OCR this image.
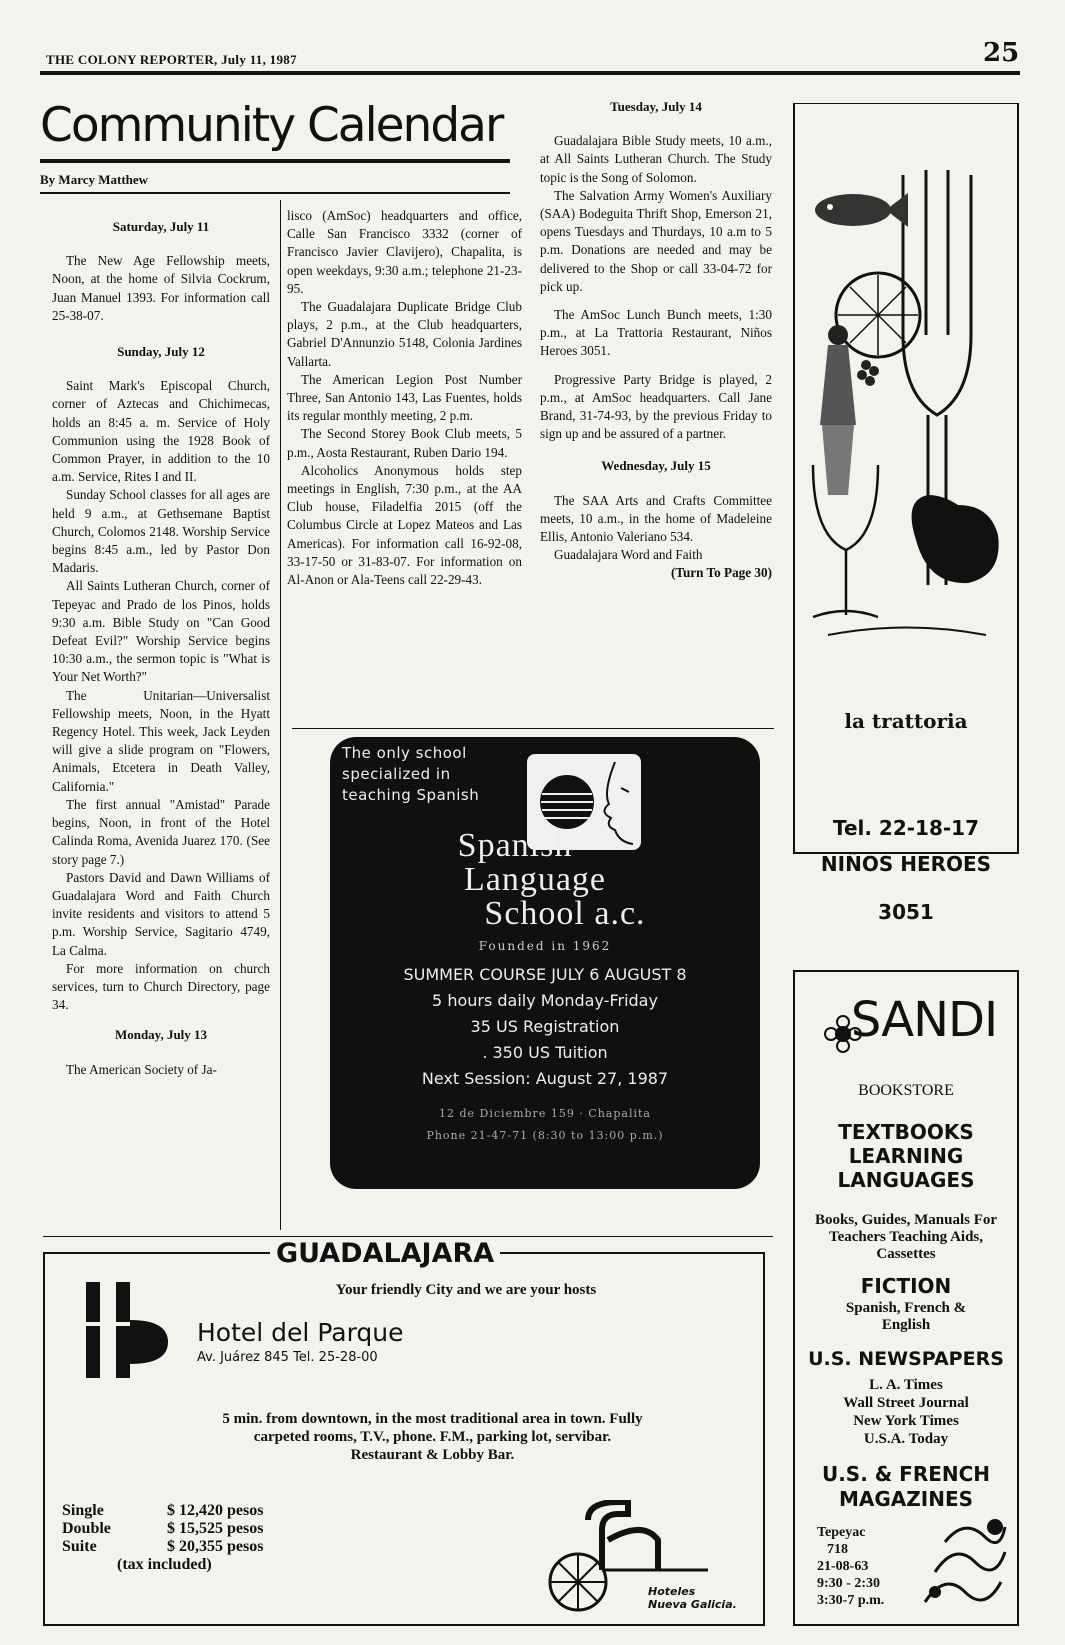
THE COLONY REPORTER, July 11, 1987	25
Community Calendar
By Marcy Matthew
Saturday, July 11

The New Age Fellowship meets, Noon, at the home of Silvia Cockrum, Juan Manuel 1393. For information call 25-38-07.

Sunday, July 12

Saint Mark's Episcopal Church, corner of Aztecas and Chichimecas, holds an 8:45 a. m. Service of Holy Communion using the 1928 Book of Common Prayer, in addition to the 10 a.m. Service, Rites I and II.

Sunday School classes for all ages are held 9 a.m., at Gethsemane Baptist Church, Colomos 2148. Worship Service begins 8:45 a.m., led by Pastor Don Madaris.

All Saints Lutheran Church, corner of Tepeyac and Prado de los Pinos, holds 9:30 a.m. Bible Study on "Can Good Defeat Evil?" Worship Service begins 10:30 a.m., the sermon topic is "What is Your Net Worth?"

The Unitarian—Universalist Fellowship meets, Noon, in the Hyatt Regency Hotel. This week, Jack Leyden will give a slide program on "Flowers, Animals, Etcetera in Death Valley, California."

The first annual "Amistad" Parade begins, Noon, in front of the Hotel Calinda Roma, Avenida Juarez 170. (See story page 7.)

Pastors David and Dawn Williams of Guadalajara Word and Faith Church invite residents and visitors to attend 5 p.m. Worship Service, Sagitario 4749, La Calma.

For more information on church services, turn to Church Directory, page 34.

Monday, July 13

The American Society of Ja-

lisco (AmSoc) headquarters and office, Calle San Francisco 3332 (corner of Francisco Javier Clavijero), Chapalita, is open weekdays, 9:30 a.m.; telephone 21-23-95.

The Guadalajara Duplicate Bridge Club plays, 2 p.m., at the Club headquarters, Gabriel D'Annunzio 5148, Colonia Jardines Vallarta.

The American Legion Post Number Three, San Antonio 143, Las Fuentes, holds its regular monthly meeting, 2 p.m.

The Second Storey Book Club meets, 5 p.m., Aosta Restaurant, Ruben Dario 194.

Alcoholics Anonymous holds step meetings in English, 7:30 p.m., at the AA Club house, Filadelfia 2015 (off the Columbus Circle at Lopez Mateos and Las Americas). For information call 16-92-08, 33-17-50 or 31-83-07. For information on Al-Anon or Ala-Teens call 22-29-43.

Tuesday, July 14

Guadalajara Bible Study meets, 10 a.m., at All Saints Lutheran Church. The Study topic is the Song of Solomon.

The Salvation Army Women's Auxiliary (SAA) Bodeguita Thrift Shop, Emerson 21, opens Tuesdays and Thurdays, 10 a.m to 5 p.m. Donations are needed and may be delivered to the Shop or call 33-04-72 for pick up.

The AmSoc Lunch Bunch meets, 1:30 p.m., at La Trattoria Restaurant, Niños Heroes 3051.

Progressive Party Bridge is played, 2 p.m., at AmSoc headquarters. Call Jane Brand, 31-74-93, by the previous Friday to sign up and be assured of a partner.

Wednesday, July 15

The SAA Arts and Crafts Committee meets, 10 a.m., in the home of Madeleine Ellis, Antonio Valeriano 534.

Guadalajara Word and Faith

(Turn To Page 30)
la trattoria
Tel. 22-18-17
NIÑOS HEROES
3051
The only school
specialized in
teaching Spanish
Spanish
Language
School a.c.
Founded in 1962
SUMMER COURSE JULY 6 AUGUST 8
5 hours daily Monday-Friday
35 US Registration
. 350 US Tuition
Next Session: August 27, 1987
12 de Diciembre 159 · Chapalita
Phone 21-47-71 (8:30 to 13:00 p.m.)
GUADALAJARA
Your friendly City and we are your hosts
Hotel del Parque
Av. Juárez 845 Tel. 25-28-00
5 min. from downtown, in the most traditional area in town. Fully carpeted rooms, T.V., phone. F.M., parking lot, servibar. Restaurant & Lobby Bar.
Single	$ 12,420 pesos
Double	$ 15,525 pesos
Suite	$ 20,355 pesos
(tax included)
Hoteles
Nueva Galicia.
SANDI
BOOKSTORE
TEXTBOOKS
LEARNING
LANGUAGES
Books, Guides, Manuals For Teachers Teaching Aids, Cassettes
FICTION
Spanish, French & English
U.S. NEWSPAPERS
L. A. Times
Wall Street Journal
New York Times
U.S.A. Today
U.S. & FRENCH
MAGAZINES
Tepeyac
718
21-08-63
9:30 - 2:30
3:30-7 p.m.
